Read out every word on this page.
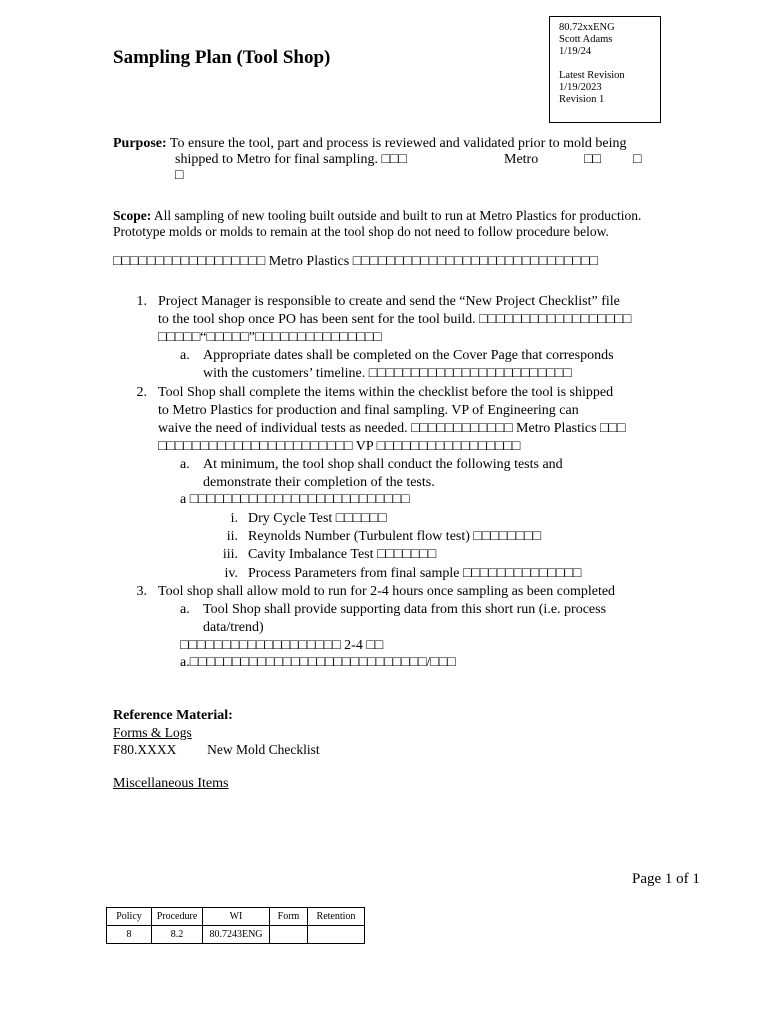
Sampling Plan (Tool Shop)
80.72xxENG
Scott Adams
1/19/24
Latest Revision
1/19/2023
Revision 1
Purpose: To ensure the tool, part and process is reviewed and validated prior to mold being
shipped to Metro for final sampling. □□□	Metro	□□ □
□
Scope: All sampling of new tooling built outside and built to run at Metro Plastics for production.
Prototype molds or molds to remain at the tool shop do not need to follow procedure below.
□□□□□□□□□□□□□□□□□□ Metro Plastics □□□□□□□□□□□□□□□□□□□□□□□□□□□□□
1. Project Manager is responsible to create and send the “New Project Checklist” file
to the tool shop once PO has been sent for the tool build. □□□□□□□□□□□□□□□□□□
□□□□□“□□□□□”□□□□□□□□□□□□□□□
a. Appropriate dates shall be completed on the Cover Page that corresponds
with the customers’ timeline. □□□□□□□□□□□□□□□□□□□□□□□□
2. Tool Shop shall complete the items within the checklist before the tool is shipped
to Metro Plastics for production and final sampling. VP of Engineering can
waive the need of individual tests as needed. □□□□□□□□□□□□ Metro Plastics □□□
□□□□□□□□□□□□□□□□□□□□□□□ VP □□□□□□□□□□□□□□□□□
a. At minimum, the tool shop shall conduct the following tests and
demonstrate their completion of the tests.
a □□□□□□□□□□□□□□□□□□□□□□□□□□
i. Dry Cycle Test □□□□□□
ii. Reynolds Number (Turbulent flow test) □□□□□□□□
iii. Cavity Imbalance Test □□□□□□□
iv. Process Parameters from final sample □□□□□□□□□□□□□□
3. Tool shop shall allow mold to run for 2-4 hours once sampling as been completed
a. Tool Shop shall provide supporting data from this short run (i.e. process
data/trend)
□□□□□□□□□□□□□□□□□□□ 2-4 □□
a.□□□□□□□□□□□□□□□□□□□□□□□□□□□□/□□□
Reference Material:
Forms & Logs
F80.XXXX New Mold Checklist
Miscellaneous Items
Page 1 of 1
Policy	Procedure	WI	Form	Retention
8	8.2	80.7243ENG		
